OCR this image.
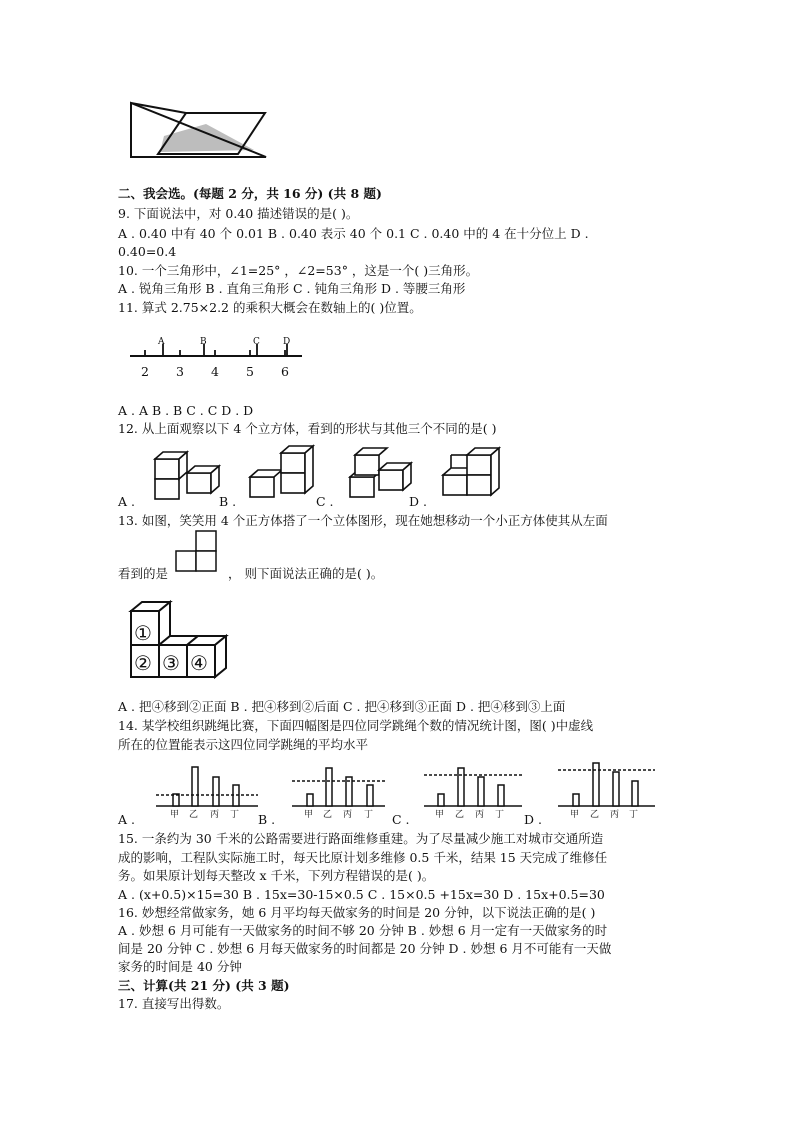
二、我会选。(每题 2 分，共 16 分) (共 8 题)
9. 下面说法中，对 0.40 描述错误的是( )。
A . 0.40 中有 40 个 0.01 B . 0.40 表示 40 个 0.1 C . 0.40 中的 4 在十分位上 D .
0.40=0.4
10. 一个三角形中，∠1=25° ，∠2=53° ，这是一个( )三角形。
A . 锐角三角形 B . 直角三角形 C . 钝角三角形 D . 等腰三角形
11. 算式 2.75×2.2 的乘积大概会在数轴上的( )位置。
A	B	C	D
2 3 4 5 6
A . A B . B C . C D . D
12. 从上面观察以下 4 个立方体，看到的形状与其他三个不同的是( )
A .	B .	C .	D .
13. 如图，笑笑用 4 个正方体搭了一个立体图形，现在她想移动一个小正方体使其从左面
看到的是	， 则下面说法正确的是( )。
①
② ③ ④
A . 把④移到②正面 B . 把④移到②后面 C . 把④移到③正面 D . 把④移到③上面
14. 某学校组织跳绳比赛，下面四幅图是四位同学跳绳个数的情况统计图，图( )中虚线
所在的位置能表示这四位同学跳绳的平均水平
A .	B .	C .	D .
甲 乙 丙 丁	甲 乙 丙 丁	甲 乙 丙 丁	甲 乙 丙 丁
15. 一条约为 30 千米的公路需要进行路面维修重建。为了尽量减少施工对城市交通所造
成的影响，工程队实际施工时，每天比原计划多维修 0.5 千米，结果 15 天完成了维修任
务。如果原计划每天整改 x 千米，下列方程错误的是( )。
A . (x+0.5)×15=30 B . 15x=30-15×0.5 C . 15×0.5 +15x=30 D . 15x+0.5=30
16. 妙想经常做家务，她 6 月平均每天做家务的时间是 20 分钟，以下说法正确的是( )
A . 妙想 6 月可能有一天做家务的时间不够 20 分钟 B . 妙想 6 月一定有一天做家务的时
间是 20 分钟 C . 妙想 6 月每天做家务的时间都是 20 分钟 D . 妙想 6 月不可能有一天做
家务的时间是 40 分钟
三、计算(共 21 分) (共 3 题)
17. 直接写出得数。
